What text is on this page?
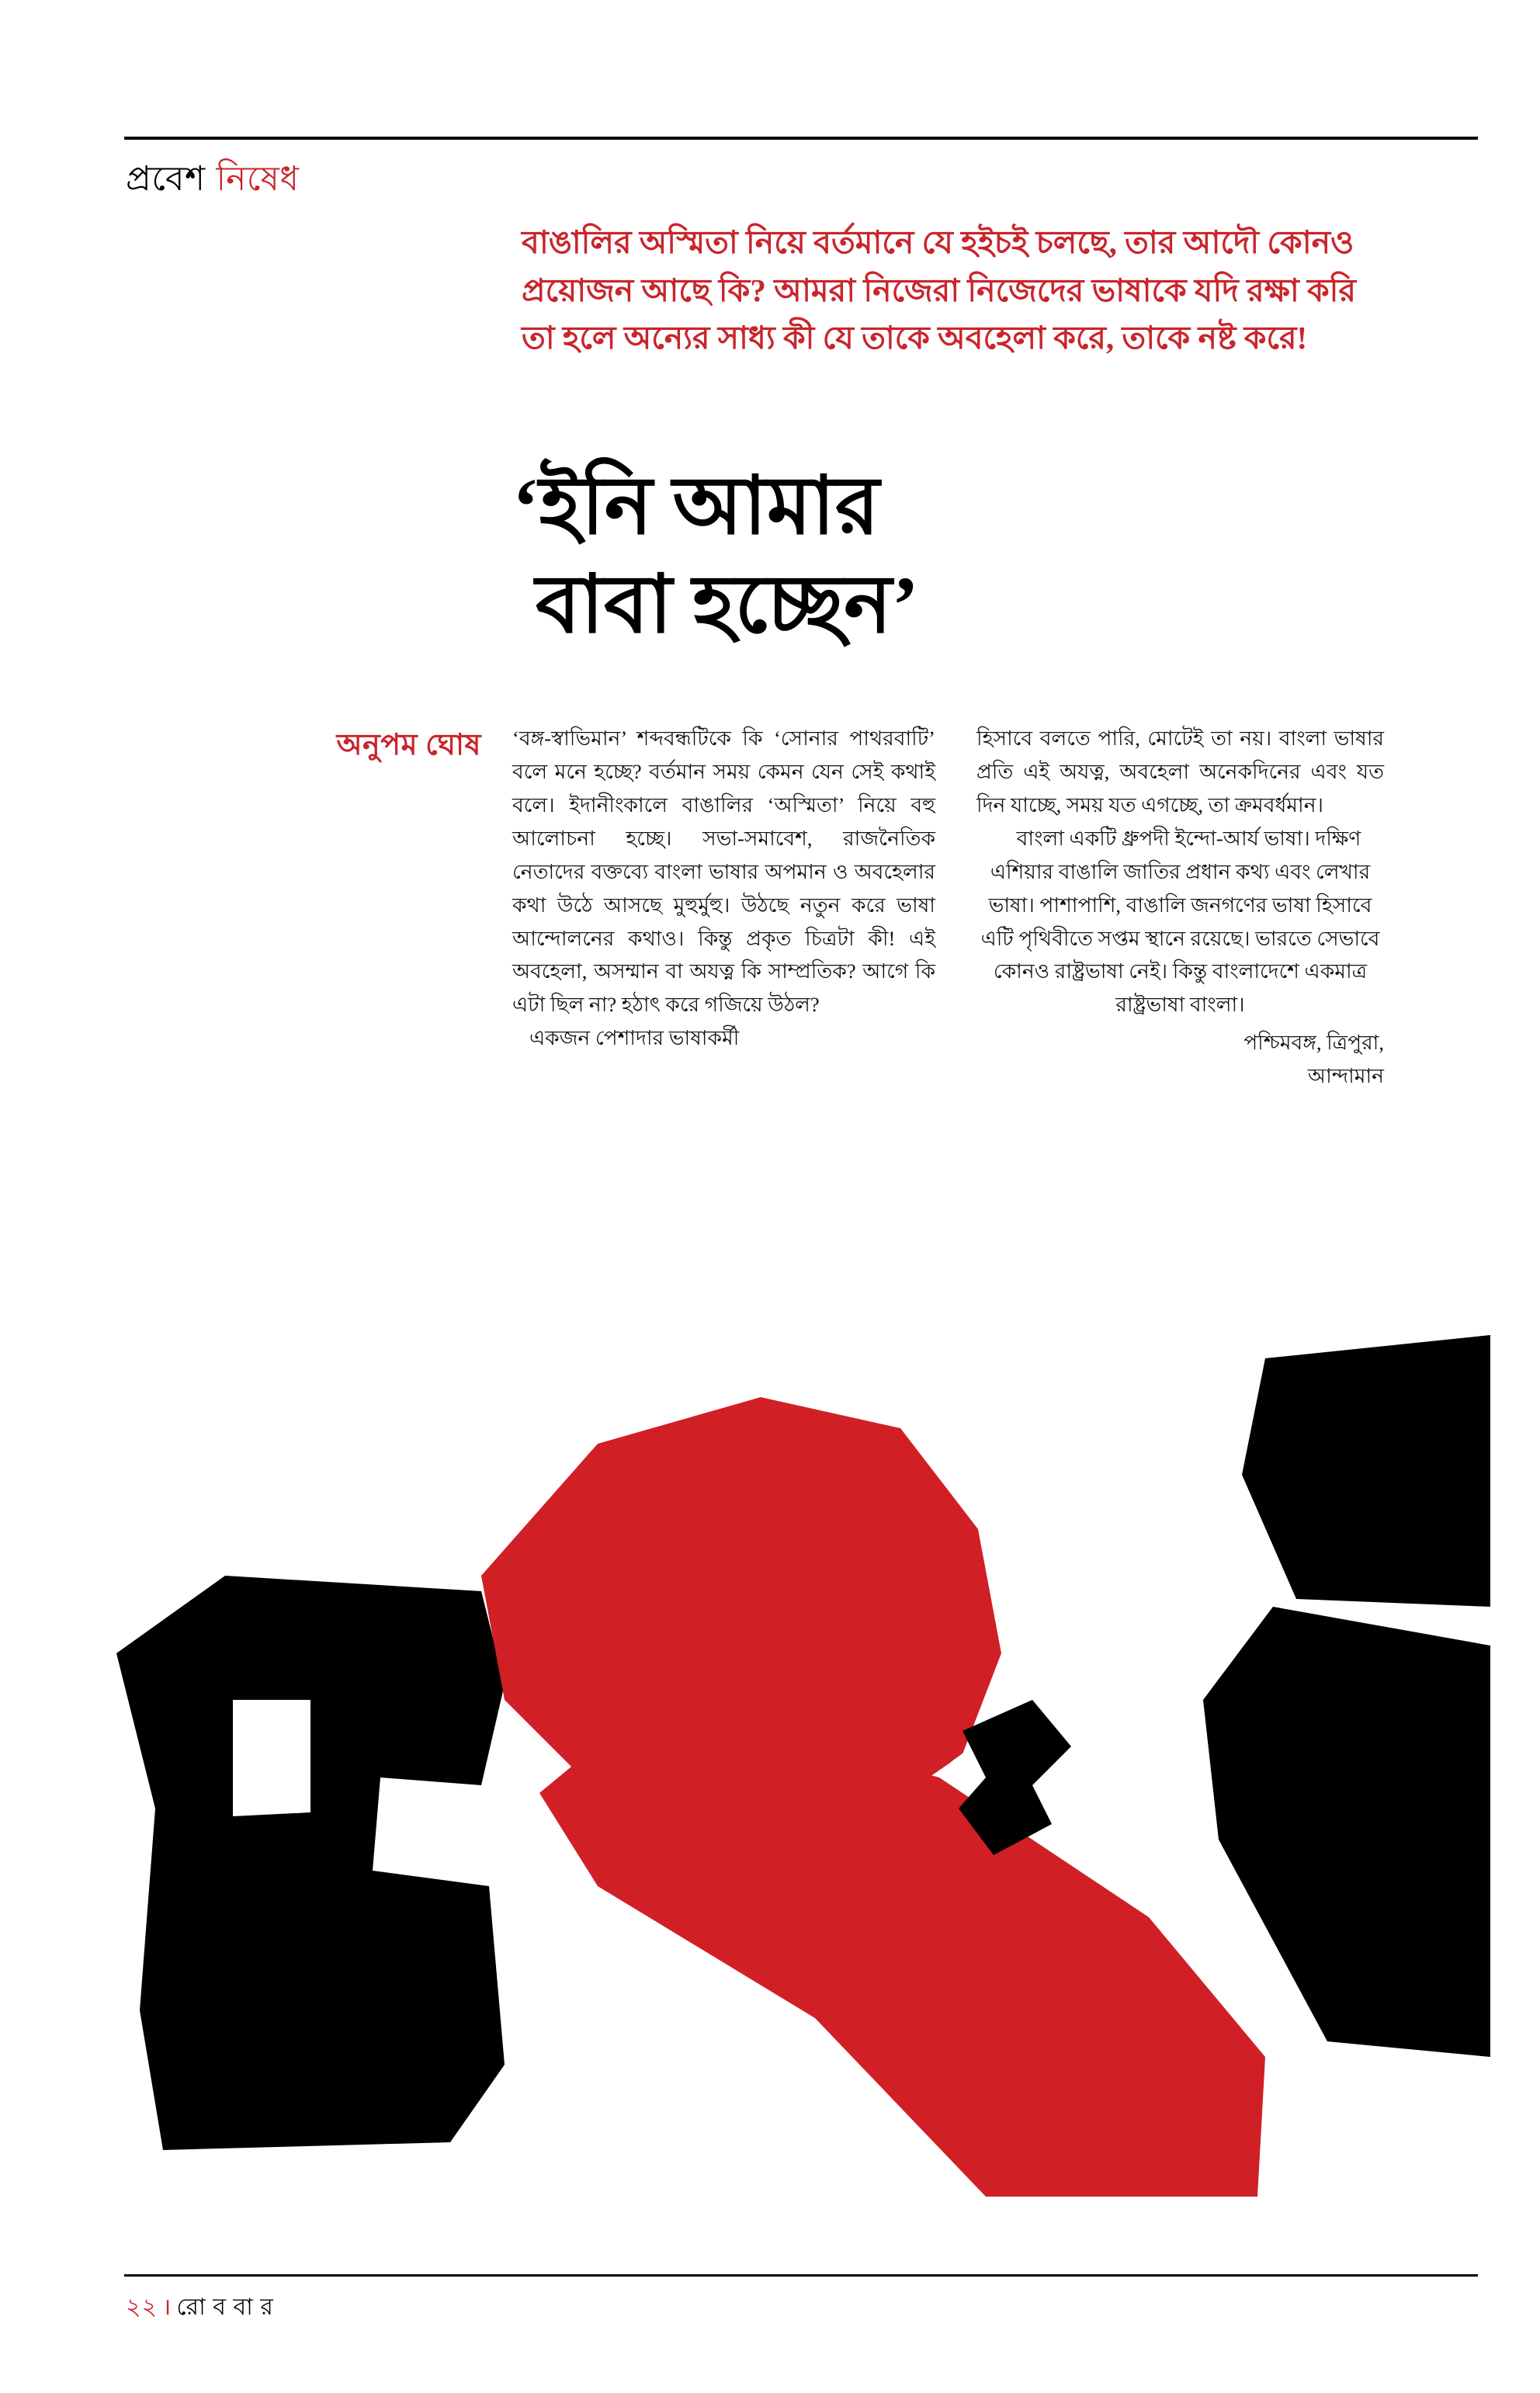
প্রবেশ নিষেধ
বাঙালির অস্মিতা নিয়ে বর্তমানে যে হইচই চলছে, তার আদৌ কোনও প্রয়োজন আছে কি? আমরা নিজেরা নিজেদের ভাষাকে যদি রক্ষা করি তা হলে অন্যের সাধ্য কী যে তাকে অবহেলা করে, তাকে নষ্ট করে!
‘ইনি আমার
বাবা হচ্ছেন’
অনুপম ঘোষ ‘বঙ্গ-স্বাভিমান’ শব্দবন্ধটিকে কি ‘সোনার পাথরবাটি’ বলে মনে হচ্ছে? বর্তমান সময় কেমন যেন সেই কথাই বলে। ইদানীংকালে বাঙালির ‘অস্মিতা’ নিয়ে বহু আলোচনা হচ্ছে। সভা-সমাবেশ, রাজনৈতিক নেতাদের বক্তব্যে বাংলা ভাষার অপমান ও অবহেলার কথা উঠে আসছে মুহুর্মুহু। উঠছে নতুন করে ভাষা আন্দোলনের কথাও। কিন্তু প্রকৃত চিত্রটা কী! এই অবহেলা, অসম্মান বা অযত্ন কি সাম্প্রতিক? আগে কি এটা ছিল না? হঠাৎ করে গজিয়ে উঠল?

একজন পেশাদার ভাষাকর্মী

হিসাবে বলতে পারি, মোটেই তা নয়। বাংলা ভাষার প্রতি এই অযত্ন, অবহেলা অনেকদিনের এবং যত দিন যাচ্ছে, সময় যত এগচ্ছে, তা ক্রমবর্ধমান।

বাংলা একটি ধ্রুপদী ইন্দো-আর্য ভাষা। দক্ষিণ এশিয়ার বাঙালি জাতির প্রধান কথ্য এবং লেখার ভাষা। পাশাপাশি, বাঙালি জনগণের ভাষা হিসাবে এটি পৃথিবীতে সপ্তম স্থানে রয়েছে। ভারতে সেভাবে কোনও রাষ্ট্রভাষা নেই। কিন্তু বাংলাদেশে একমাত্র রাষ্ট্রভাষা বাংলা।

পশ্চিমবঙ্গ, ত্রিপুরা,
আন্দামান
২২ । রো ব বা র
